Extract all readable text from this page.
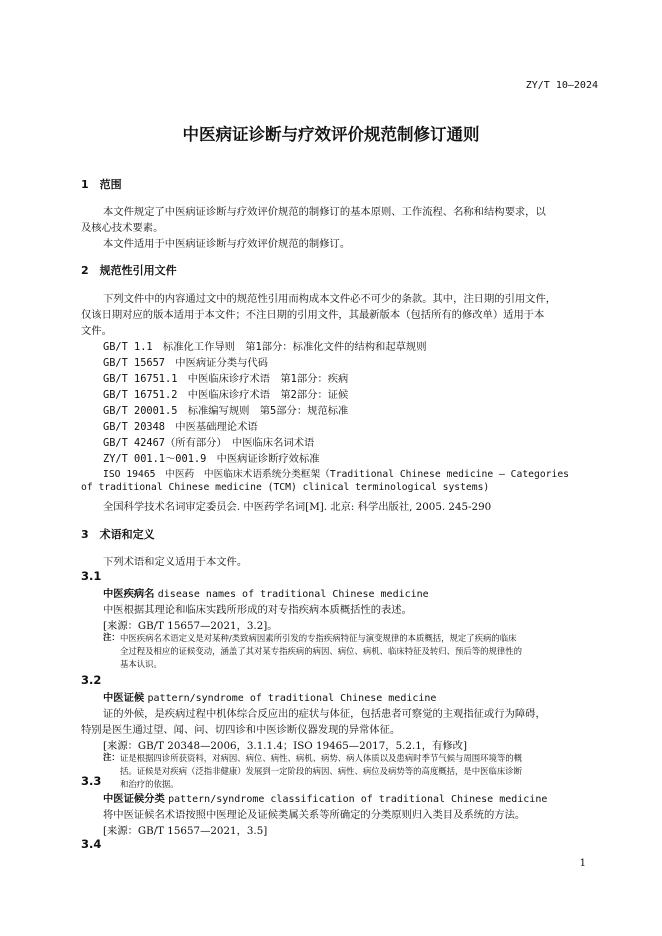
ZY/T 10—2024
中医病证诊断与疗效评价规范制修订通则
1　范围
本文件规定了中医病证诊断与疗效评价规范的制修订的基本原则、工作流程、名称和结构要求，以
及核心技术要素。
本文件适用于中医病证诊断与疗效评价规范的制修订。
2　规范性引用文件
下列文件中的内容通过文中的规范性引用而构成本文件必不可少的条款。其中，注日期的引用文件，
仅该日期对应的版本适用于本文件；不注日期的引用文件，其最新版本（包括所有的修改单）适用于本
文件。
GB/T 1.1　标准化工作导则　第1部分：标准化文件的结构和起草规则
GB/T 15657　中医病证分类与代码
GB/T 16751.1　中医临床诊疗术语　第1部分：疾病
GB/T 16751.2　中医临床诊疗术语　第2部分：证候
GB/T 20001.5　标准编写规则　第5部分：规范标准
GB/T 20348　中医基础理论术语
GB/T 42467（所有部分）　中医临床名词术语
ZY/T 001.1～001.9　中医病证诊断疗效标准
ISO 19465　中医药　中医临床术语系统分类框架（Traditional Chinese medicine — Categories
of traditional Chinese medicine (TCM) clinical terminological systems)
全国科学技术名词审定委员会. 中医药学名词[M]. 北京: 科学出版社, 2005. 245-290
3　术语和定义
下列术语和定义适用于本文件。
3.1
中医疾病名 disease names of traditional Chinese medicine
中医根据其理论和临床实践所形成的对专指疾病本质概括性的表述。
[来源：GB/T 15657—2021，3.2]。
注： 中医疾病名术语定义是对某种/类致病因素所引发的专指疾病特征与演变规律的本质概括，规定了疾病的临床
全过程及相应的证候变动，涵盖了其对某专指疾病的病因、病位、病机、临床特征及转归、预后等的规律性的
基本认识。
3.2
中医证候 pattern/syndrome of traditional Chinese medicine
证的外候，是疾病过程中机体综合反应出的症状与体征，包括患者可察觉的主观指征或行为障碍，
特别是医生通过望、闻、问、切四诊和中医诊断仪器发现的异常体征。
[来源：GB/T 20348—2006，3.1.1.4；ISO 19465—2017，5.2.1，有修改]
注： 证是根据四诊所获资料，对病因、病位、病性、病机、病势、病人体质以及患病时季节气候与周围环境等的概
括。证候是对疾病（泛指非健康）发展到一定阶段的病因、病性、病位及病势等的高度概括，是中医临床诊断
和治疗的依据。
3.3
中医证候分类 pattern/syndrome classification of traditional Chinese medicine
将中医证候名术语按照中医理论及证候类属关系等所确定的分类原则归入类目及系统的方法。
[来源：GB/T 15657—2021，3.5]
3.4
1
